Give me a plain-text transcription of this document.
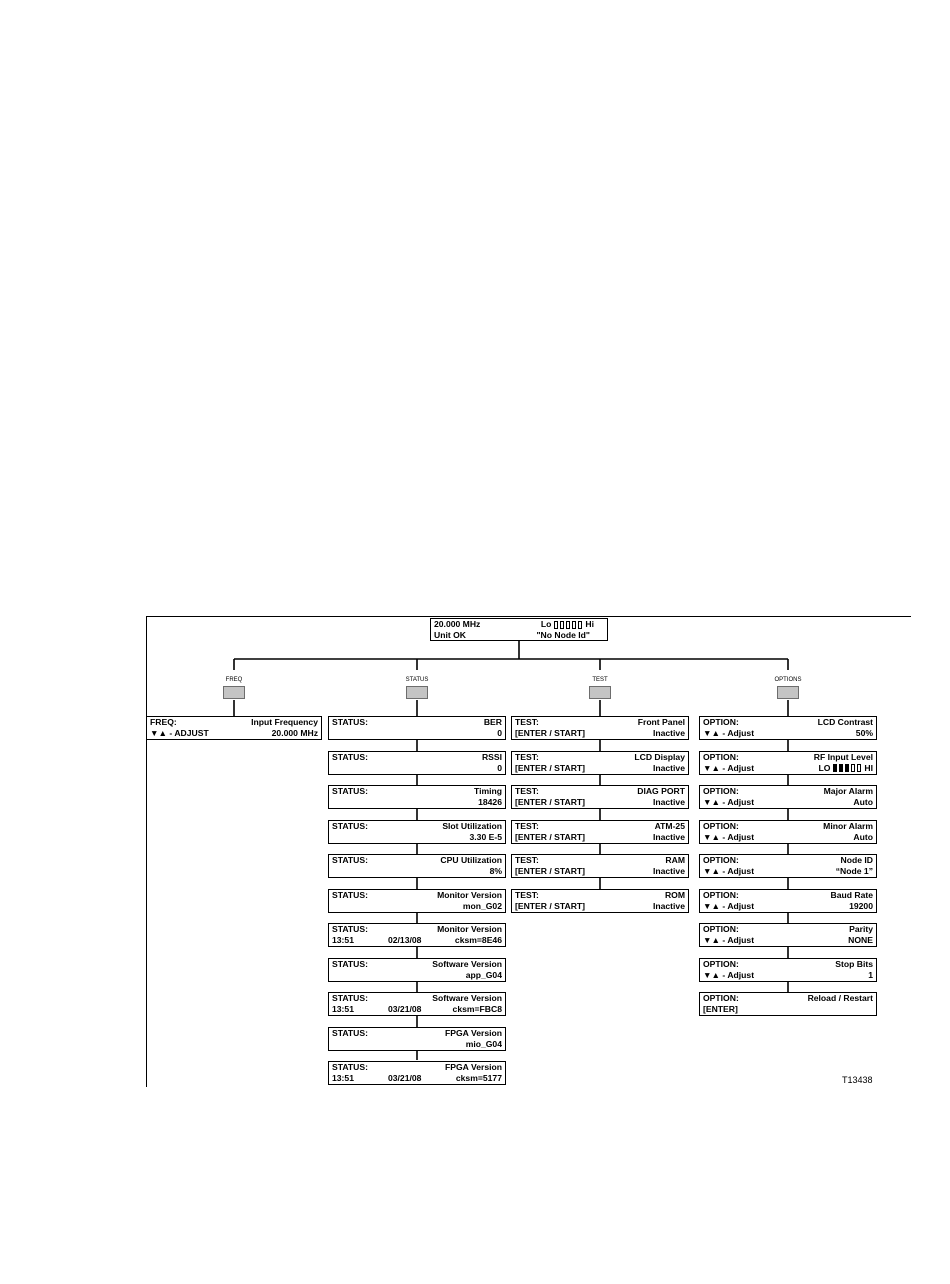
20.000 MHz	Lo	Hi
Unit OK	"No Node Id"
FREQ	STATUS	TEST	OPTIONS
FREQ:	Input Frequency
▼▲ - ADJUST	20.000 MHz
STATUS:	BER
0
STATUS:	RSSI
0
STATUS:	Timing
18426
STATUS:	Slot Utilization
3.30 E-5
STATUS:	CPU Utilization
8%
STATUS:	Monitor Version
mon_G02
STATUS:	Monitor Version
13:51	02/13/08	cksm=8E46
STATUS:	Software Version
app_G04
STATUS:	Software Version
13:51	03/21/08	cksm=FBC8
STATUS:	FPGA Version
mio_G04
STATUS:	FPGA Version
13:51	03/21/08	cksm=5177
TEST:	Front Panel
[ENTER / START]	Inactive
TEST:	LCD Display
[ENTER / START]	Inactive
TEST:	DIAG PORT
[ENTER / START]	Inactive
TEST:	ATM-25
[ENTER / START]	Inactive
TEST:	RAM
[ENTER / START]	Inactive
TEST:	ROM
[ENTER / START]	Inactive
OPTION:	LCD Contrast
▼▲ - Adjust	50%
OPTION:	RF Input Level
▼▲ - Adjust	LO	HI
OPTION:	Major Alarm
▼▲ - Adjust	Auto
OPTION:	Minor Alarm
▼▲ - Adjust	Auto
OPTION:	Node ID
▼▲ - Adjust	“Node 1”
OPTION:	Baud Rate
▼▲ - Adjust	19200
OPTION:	Parity
▼▲ - Adjust	NONE
OPTION:	Stop Bits
▼▲ - Adjust	1
OPTION:	Reload / Restart
[ENTER]
T13438
